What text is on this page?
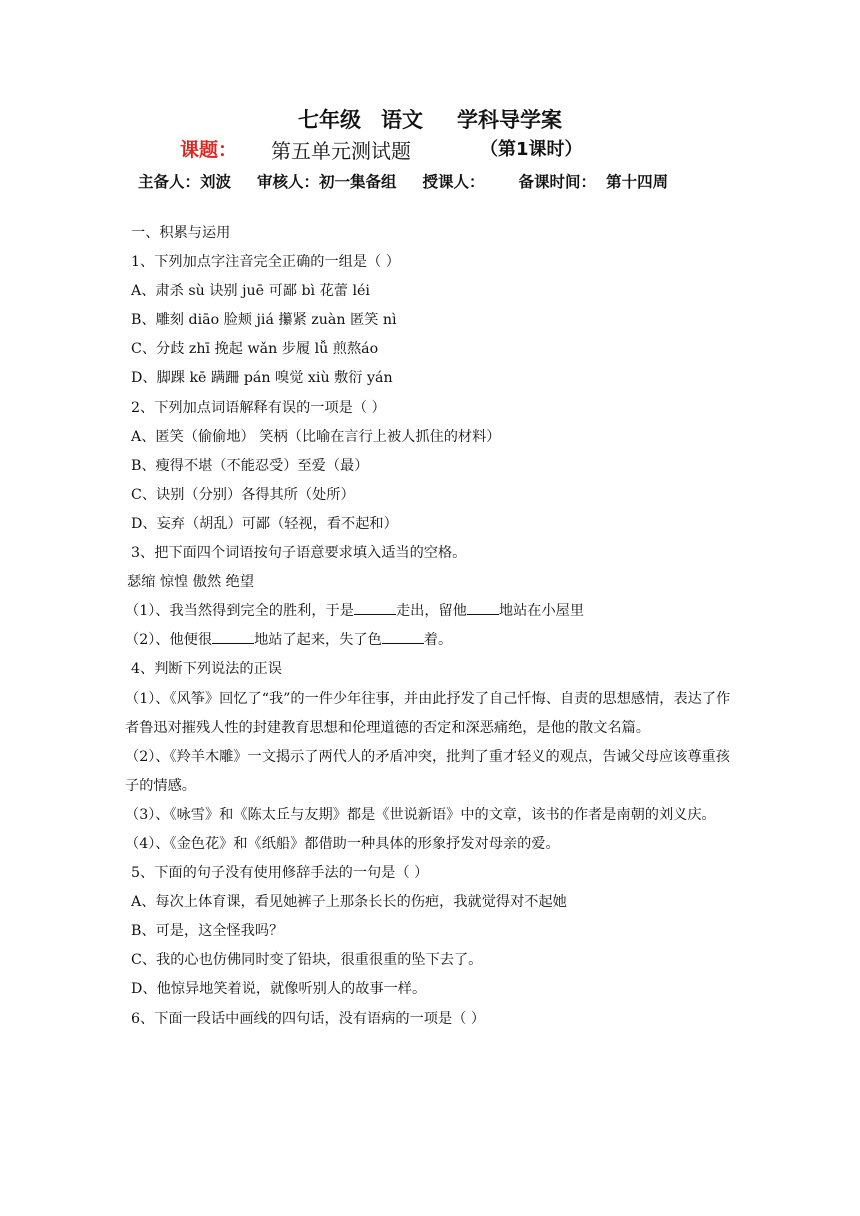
七年级 语文 学科导学案
课题： 第五单元测试题	（第1课时）
主备人：刘波 审核人：初一集备组 授课人： 备课时间： 第十四周
一、积累与运用
1、下列加点字注音完全正确的一组是（ ）
A、肃杀 sù 诀别 juē 可鄙 bì 花蕾 léi
B、雕刻 diāo 脸颊 jiá 攥紧 zuàn 匿笑 nì
C、分歧 zhī 挽起 wǎn 步履 lǚ 煎熬áo
D、脚踝 kē 蹒跚 pán 嗅觉 xiù 敷衍 yán
2、下列加点词语解释有误的一项是（ ）
A、匿笑（偷偷地） 笑柄（比喻在言行上被人抓住的材料）
B、瘦得不堪（不能忍受）至爱（最）
C、诀别（分别）各得其所（处所）
D、妄弃（胡乱）可鄙（轻视，看不起和）
3、把下面四个词语按句子语意要求填入适当的空格。
瑟缩 惊惶 傲然 绝望
（1）、我当然得到完全的胜利，于是	走出，留他 地站在小屋里
（2）、他便很	地站了起来，失了色	着。
4、判断下列说法的正误
（1）、《风筝》回忆了“我”的一件少年往事，并由此抒发了自己忏悔、自责的思想感情，表达了作者鲁迅对摧残人性的封建教育思想和伦理道德的否定和深恶痛绝，是他的散文名篇。
（2）、《羚羊木雕》一文揭示了两代人的矛盾冲突，批判了重才轻义的观点，告诫父母应该尊重孩子的情感。
（3）、《咏雪》和《陈太丘与友期》都是《世说新语》中的文章，该书的作者是南朝的刘义庆。
（4）、《金色花》和《纸船》都借助一种具体的形象抒发对母亲的爱。
5、下面的句子没有使用修辞手法的一句是（ ）
A、每次上体育课，看见她裤子上那条长长的伤疤，我就觉得对不起她
B、可是，这全怪我吗？
C、我的心也仿佛同时变了铅块，很重很重的坠下去了。
D、他惊异地笑着说，就像听别人的故事一样。
6、下面一段话中画线的四句话，没有语病的一项是（ ）
